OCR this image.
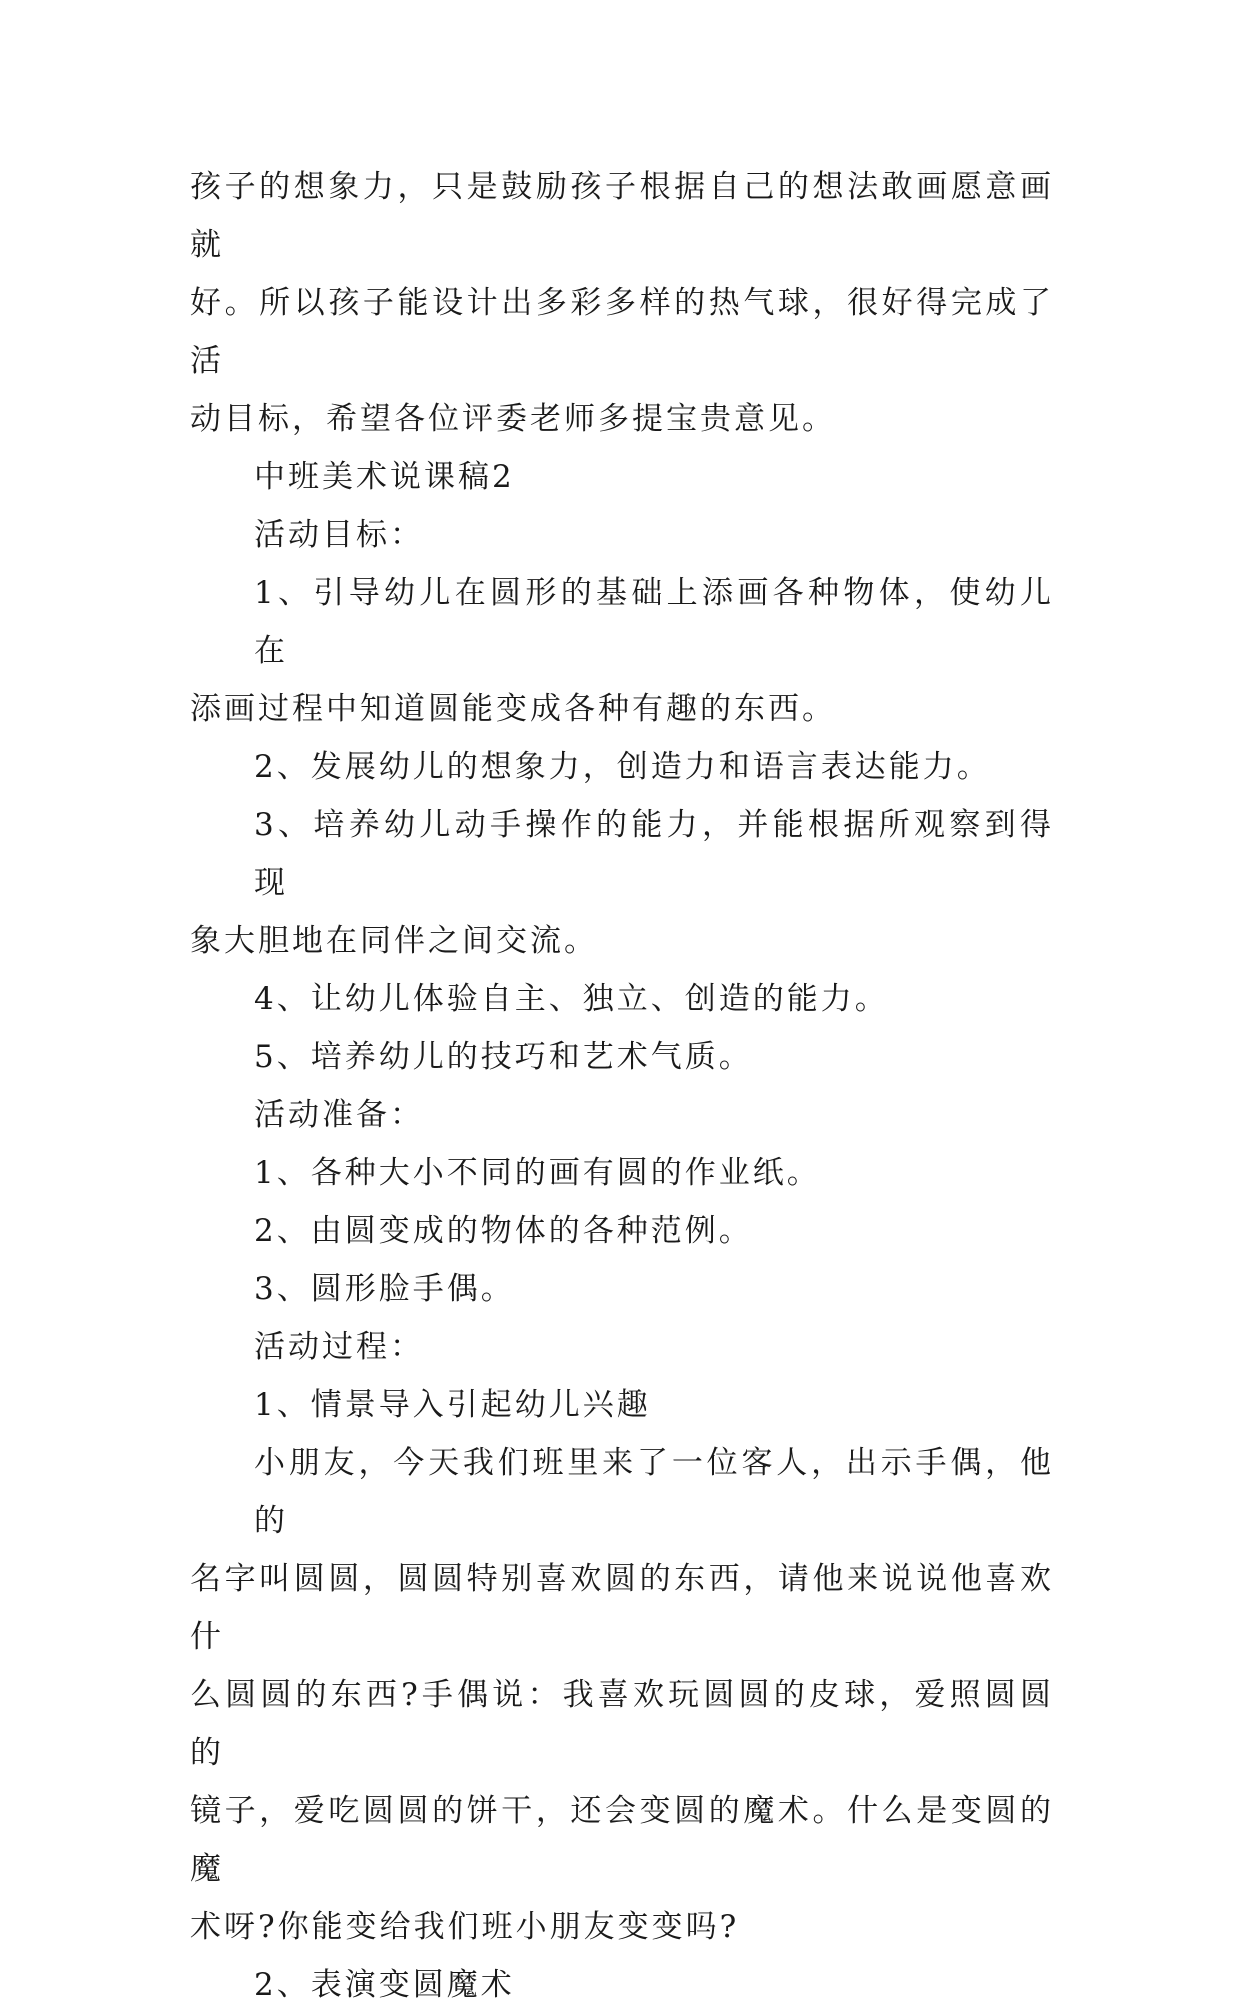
孩子的想象力，只是鼓励孩子根据自己的想法敢画愿意画就
好。所以孩子能设计出多彩多样的热气球，很好得完成了活
动目标，希望各位评委老师多提宝贵意见。
中班美术说课稿2
活动目标：
1、引导幼儿在圆形的基础上添画各种物体，使幼儿在
添画过程中知道圆能变成各种有趣的东西。
2、发展幼儿的想象力，创造力和语言表达能力。
3、培养幼儿动手操作的能力，并能根据所观察到得现
象大胆地在同伴之间交流。
4、让幼儿体验自主、独立、创造的能力。
5、培养幼儿的技巧和艺术气质。
活动准备：
1、各种大小不同的画有圆的作业纸。
2、由圆变成的物体的各种范例。
3、圆形脸手偶。
活动过程：
1、情景导入引起幼儿兴趣
小朋友，今天我们班里来了一位客人，出示手偶，他的
名字叫圆圆，圆圆特别喜欢圆的东西，请他来说说他喜欢什
么圆圆的东西?手偶说：我喜欢玩圆圆的皮球，爱照圆圆的
镜子，爱吃圆圆的饼干，还会变圆的魔术。什么是变圆的魔
术呀?你能变给我们班小朋友变变吗?
2、表演变圆魔术
